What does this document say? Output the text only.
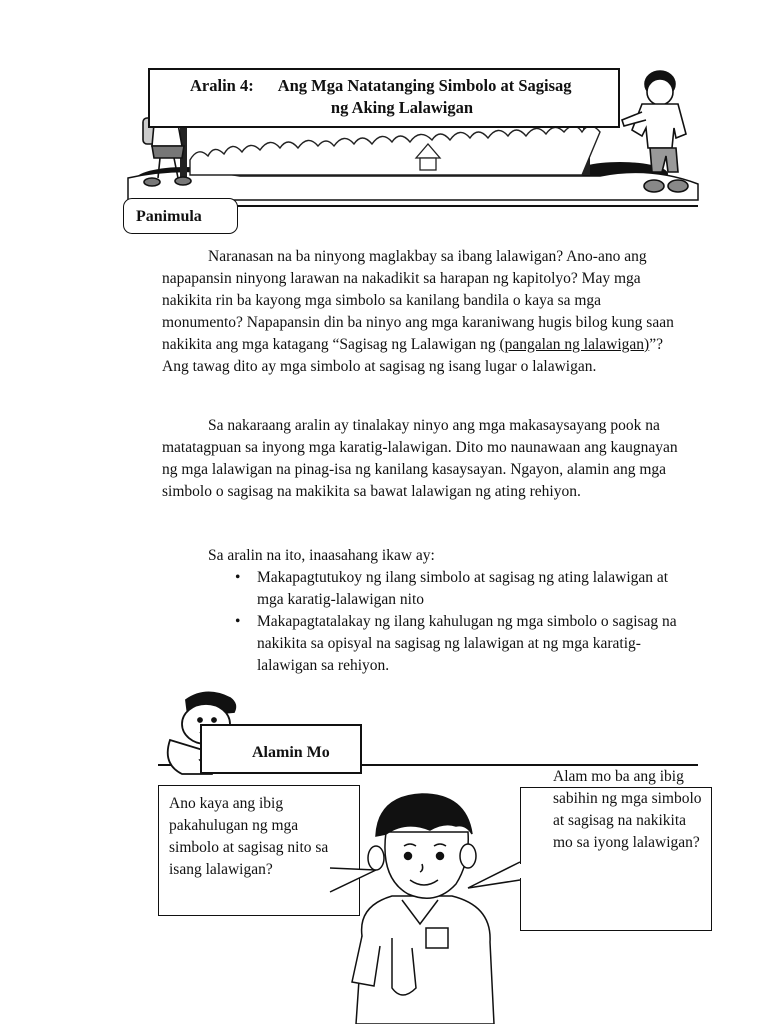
Aralin 4: Ang Mga Natatanging Simbolo at Sagisag
ng Aking Lalawigan
Panimula

Naranasan na ba ninyong maglakbay sa ibang lalawigan? Ano-ano ang napapansin ninyong larawan na nakadikit sa harapan ng kapitolyo? May mga nakikita rin ba kayong mga simbolo sa kanilang bandila o kaya sa mga monumento? Napapansin din ba ninyo ang mga karaniwang hugis bilog kung saan nakikita ang mga katagang “Sagisag ng Lalawigan ng (pangalan ng lalawigan)”? Ang tawag dito ay mga simbolo at sagisag ng isang lugar o lalawigan.

Sa nakaraang aralin ay tinalakay ninyo ang mga makasaysayang pook na matatagpuan sa inyong mga karatig-lalawigan. Dito mo naunawaan ang kaugnayan ng mga lalawigan na pinag-isa ng kanilang kasaysayan. Ngayon, alamin ang mga simbolo o sagisag na makikita sa bawat lalawigan ng ating rehiyon.

Sa aralin na ito, inaasahang ikaw ay:

• Makapagtutukoy ng ilang simbolo at sagisag ng ating lalawigan at mga karatig-lalawigan nito
• Makapagtatalakay ng ilang kahulugan ng mga simbolo o sagisag na nakikita sa opisyal na sagisag ng lalawigan at ng mga karatig-lalawigan sa rehiyon.
Alamin Mo
Ano kaya ang ibig pakahulugan ng mga simbolo at sagisag nito sa isang lalawigan?
Alam mo ba ang ibig sabihin ng mga simbolo at sagisag na nakikita mo sa iyong lalawigan?
